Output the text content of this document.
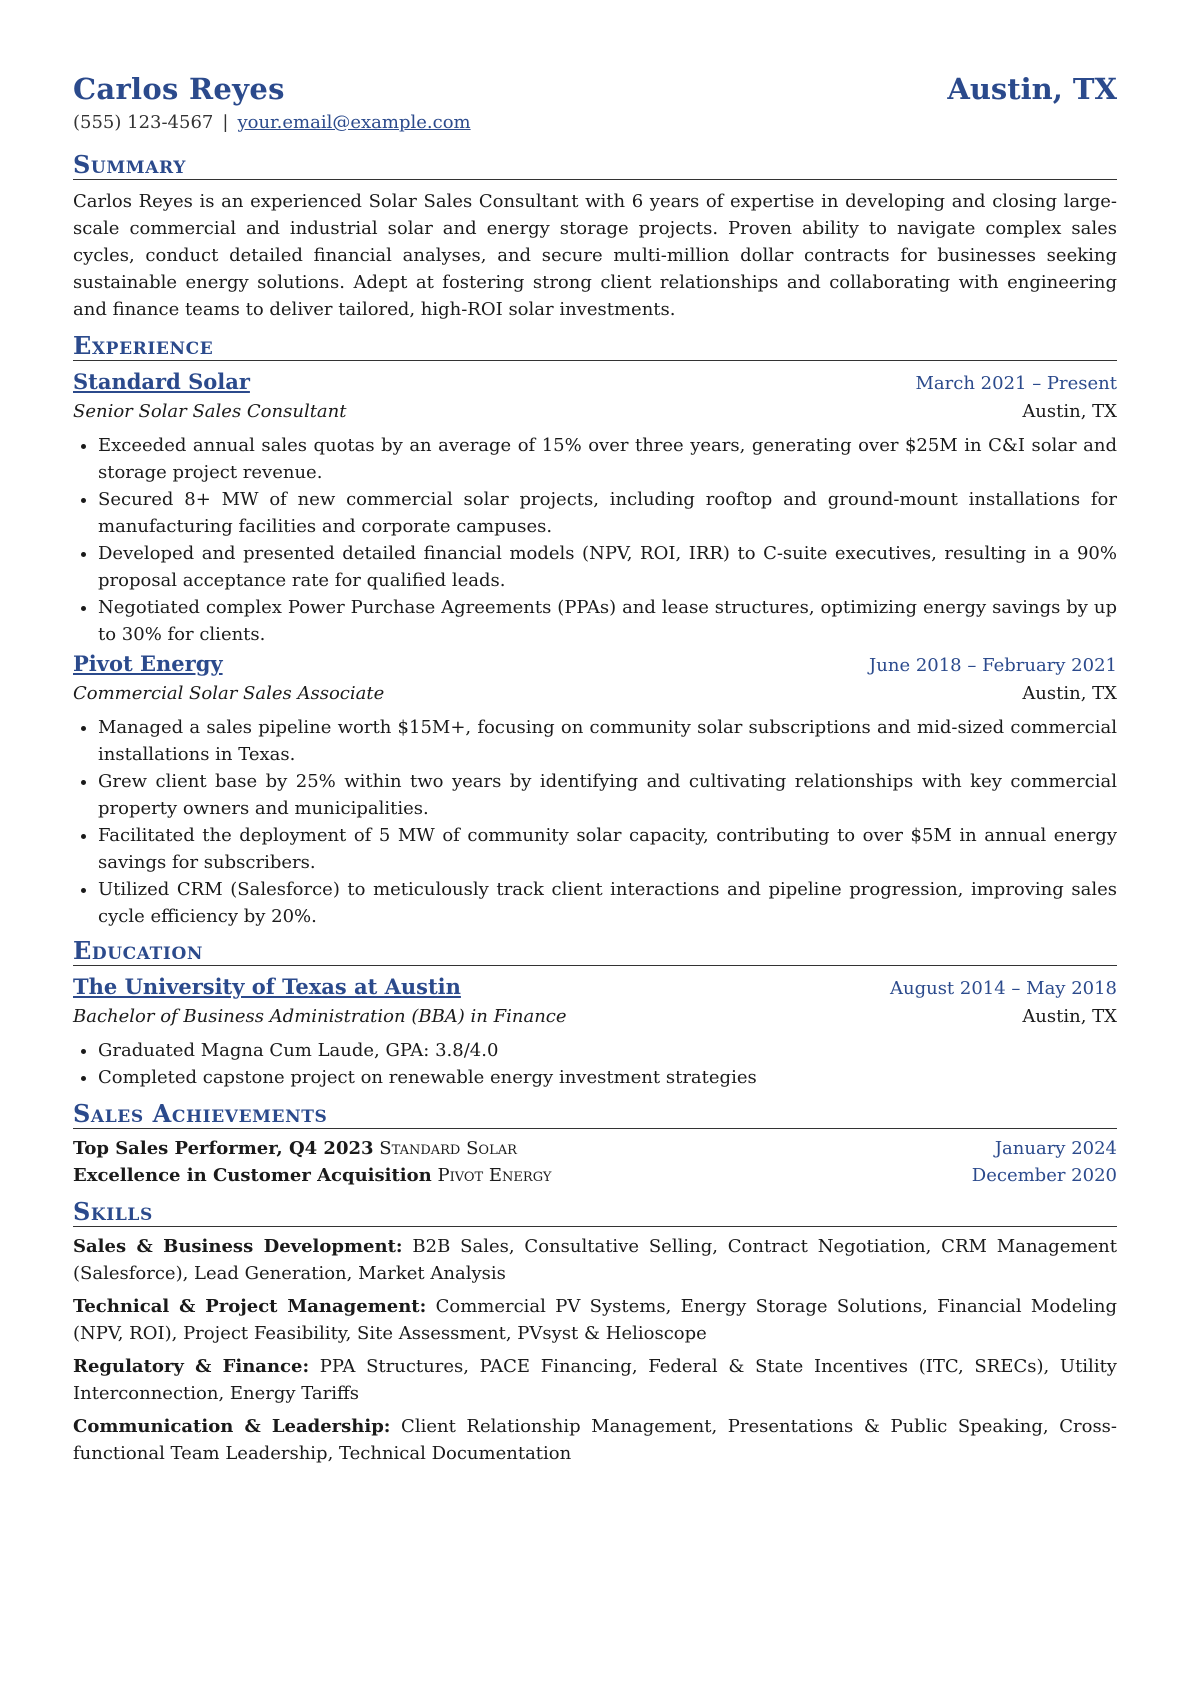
Carlos Reyes	Austin, TX
(555) 123-4567 | your.email@example.com
Summary
Carlos Reyes is an experienced Solar Sales Consultant with 6 years of expertise in developing and closing large-scale commercial and industrial solar and energy storage projects. Proven ability to navigate complex sales cycles, conduct detailed financial analyses, and secure multi-million dollar contracts for businesses seeking sustainable energy solutions. Adept at fostering strong client relationships and collaborating with engineering and finance teams to deliver tailored, high-ROI solar investments.
Experience
Standard Solar	March 2021 – Present
Senior Solar Sales Consultant	Austin, TX
• Exceeded annual sales quotas by an average of 15% over three years, generating over $25M in C&I solar and storage project revenue.
• Secured 8+ MW of new commercial solar projects, including rooftop and ground-mount installations for manufacturing facilities and corporate campuses.
• Developed and presented detailed financial models (NPV, ROI, IRR) to C-suite executives, resulting in a 90% proposal acceptance rate for qualified leads.
• Negotiated complex Power Purchase Agreements (PPAs) and lease structures, optimizing energy savings by up to 30% for clients.
Pivot Energy	June 2018 – February 2021
Commercial Solar Sales Associate	Austin, TX
• Managed a sales pipeline worth $15M+, focusing on community solar subscriptions and mid-sized commercial installations in Texas.
• Grew client base by 25% within two years by identifying and cultivating relationships with key commercial property owners and municipalities.
• Facilitated the deployment of 5 MW of community solar capacity, contributing to over $5M in annual energy savings for subscribers.
• Utilized CRM (Salesforce) to meticulously track client interactions and pipeline progression, improving sales cycle efficiency by 20%.
Education
The University of Texas at Austin	August 2014 – May 2018
Bachelor of Business Administration (BBA) in Finance	Austin, TX
• Graduated Magna Cum Laude, GPA: 3.8/4.0
• Completed capstone project on renewable energy investment strategies
Sales Achievements
Top Sales Performer, Q4 2023 Standard Solar	January 2024
Excellence in Customer Acquisition Pivot Energy	December 2020
Skills
Sales & Business Development: B2B Sales, Consultative Selling, Contract Negotiation, CRM Management (Salesforce), Lead Generation, Market Analysis
Technical & Project Management: Commercial PV Systems, Energy Storage Solutions, Financial Modeling (NPV, ROI), Project Feasibility, Site Assessment, PVsyst & Helioscope
Regulatory & Finance: PPA Structures, PACE Financing, Federal & State Incentives (ITC, SRECs), Utility Interconnection, Energy Tariffs
Communication & Leadership: Client Relationship Management, Presentations & Public Speaking, Cross-functional Team Leadership, Technical Documentation
